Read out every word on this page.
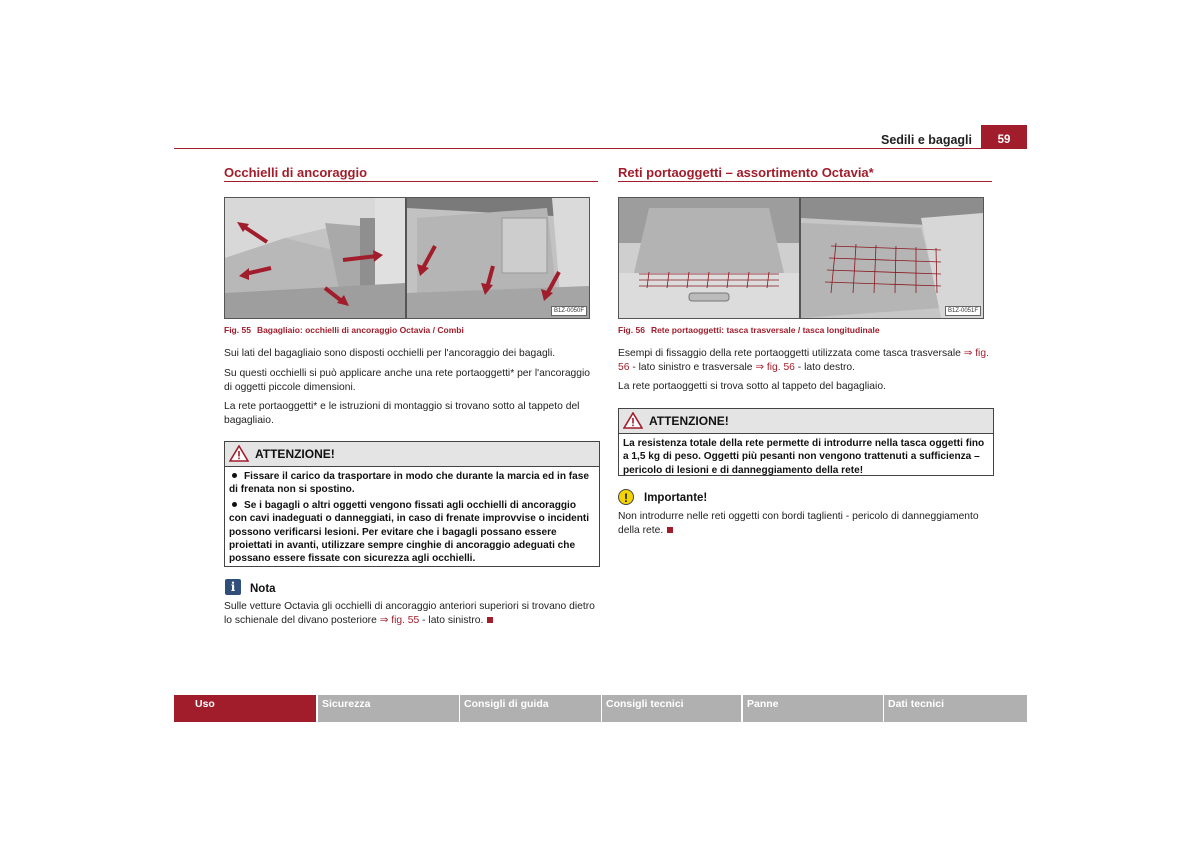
Sedili e bagagli	59
Occhielli di ancoraggio
B1Z-0050F
Fig. 55 Bagagliaio: occhielli di ancoraggio Octavia / Combi
Sui lati del bagagliaio sono disposti occhielli per l'ancoraggio dei bagagli.
Su questi occhielli si può applicare anche una rete portaoggetti* per l'ancoraggio di oggetti piccole dimensioni.
La rete portaoggetti* e le istruzioni di montaggio si trovano sotto al tappeto del bagagliaio.
ATTENZIONE!

Fissare il carico da trasportare in modo che durante la marcia ed in fase di frenata non si spostino.

Se i bagagli o altri oggetti vengono fissati agli occhielli di ancoraggio con cavi inadeguati o danneggiati, in caso di frenate improvvise o incidenti possono verificarsi lesioni. Per evitare che i bagagli possano essere proiettati in avanti, utilizzare sempre cinghie di ancoraggio adeguati che possano essere fissate con sicurezza agli occhielli.

i	Nota
Sulle vetture Octavia gli occhielli di ancoraggio anteriori superiori si trovano dietro lo schienale del divano posteriore ⇒ fig. 55 - lato sinistro.
Reti portaoggetti – assortimento Octavia*
B1Z-0051F
Fig. 56 Rete portaoggetti: tasca trasversale / tasca longitudinale
Esempi di fissaggio della rete portaoggetti utilizzata come tasca trasversale ⇒ fig. 56 - lato sinistro e trasversale ⇒ fig. 56 - lato destro.
La rete portaoggetti si trova sotto al tappeto del bagagliaio.
ATTENZIONE!
La resistenza totale della rete permette di introdurre nella tasca oggetti fino a 1,5 kg di peso. Oggetti più pesanti non vengono trattenuti a sufficienza – pericolo di lesioni e di danneggiamento della rete!
!	Importante!
Non introdurre nelle reti oggetti con bordi taglienti - pericolo di danneggiamento della rete.
Uso	Sicurezza	Consigli di guida	Consigli tecnici	Panne	Dati tecnici
